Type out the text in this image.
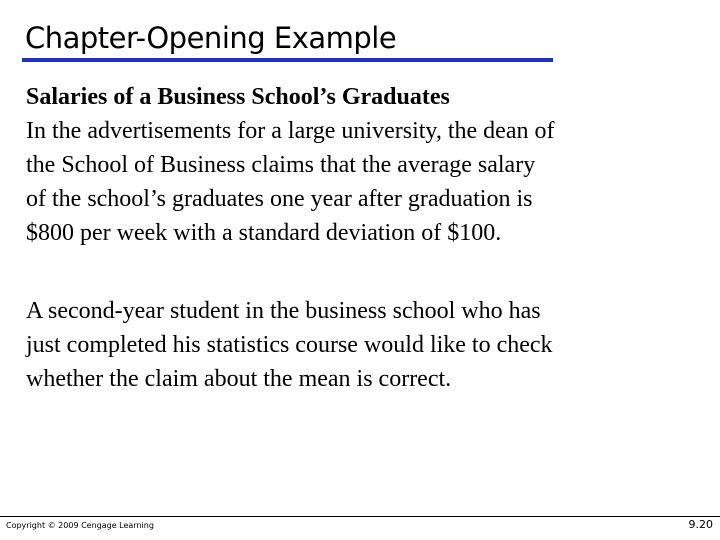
Chapter-Opening Example

Salaries of a Business School’s Graduates

In the advertisements for a large university, the dean of

the School of Business claims that the average salary

of the school’s graduates one year after graduation is

$800 per week with a standard deviation of $100.

A second-year student in the business school who has

just completed his statistics course would like to check

whether the claim about the mean is correct.

Copyright © 2009 Cengage Learning	9.20
